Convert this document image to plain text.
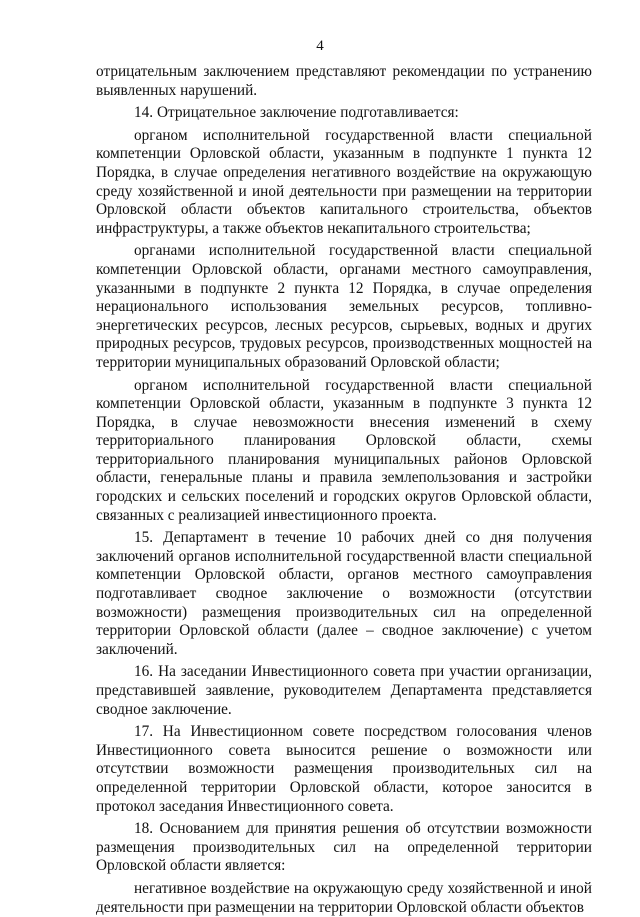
4

отрицательным заключением представляют рекомендации по устранению выявленных нарушений.

14. Отрицательное заключение подготавливается:

органом исполнительной государственной власти специальной компетенции Орловской области, указанным в подпункте 1 пункта 12 Порядка, в случае определения негативного воздействие на окружающую среду хозяйственной и иной деятельности при размещении на территории Орловской области объектов капитального строительства, объектов инфраструктуры, а также объектов некапитального строительства;

органами исполнительной государственной власти специальной компетенции Орловской области, органами местного самоуправления, указанными в подпункте 2 пункта 12 Порядка, в случае определения нерационального использования земельных ресурсов, топливно-энергетических ресурсов, лесных ресурсов, сырьевых, водных и других природных ресурсов, трудовых ресурсов, производственных мощностей на территории муниципальных образований Орловской области;

органом исполнительной государственной власти специальной компетенции Орловской области, указанным в подпункте 3 пункта 12 Порядка, в случае невозможности внесения изменений в схему территориального планирования Орловской области, схемы территориального планирования муниципальных районов Орловской области, генеральные планы и правила землепользования и застройки городских и сельских поселений и городских округов Орловской области, связанных с реализацией инвестиционного проекта.

15. Департамент в течение 10 рабочих дней со дня получения заключений органов исполнительной государственной власти специальной компетенции Орловской области, органов местного самоуправления подготавливает сводное заключение о возможности (отсутствии возможности) размещения производительных сил на определенной территории Орловской области (далее – сводное заключение) с учетом заключений.

16. На заседании Инвестиционного совета при участии организации, представившей заявление, руководителем Департамента представляется сводное заключение.

17. На Инвестиционном совете посредством голосования членов Инвестиционного совета выносится решение о возможности или отсутствии возможности размещения производительных сил на определенной территории Орловской области, которое заносится в протокол заседания Инвестиционного совета.

18. Основанием для принятия решения об отсутствии возможности размещения производительных сил на определенной территории Орловской области является:

негативное воздействие на окружающую среду хозяйственной и иной деятельности при размещении на территории Орловской области объектов
